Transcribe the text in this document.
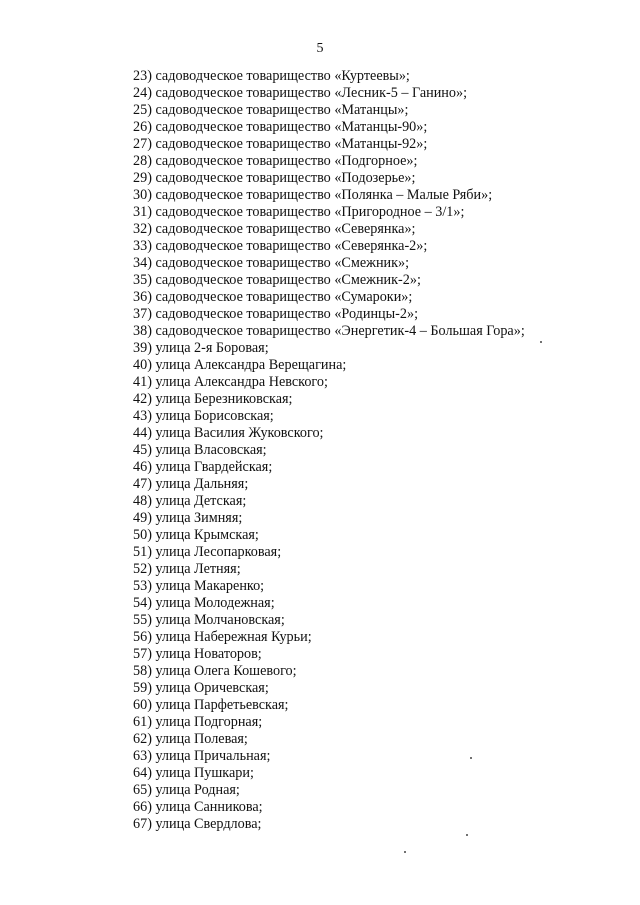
5
23) садоводческое товарищество «Куртеевы»;
24) садоводческое товарищество «Лесник-5 – Ганино»;
25) садоводческое товарищество «Матанцы»;
26) садоводческое товарищество «Матанцы-90»;
27) садоводческое товарищество «Матанцы-92»;
28) садоводческое товарищество «Подгорное»;
29) садоводческое товарищество «Подозерье»;
30) садоводческое товарищество «Полянка – Малые Ряби»;
31) садоводческое товарищество «Пригородное – 3/1»;
32) садоводческое товарищество «Северянка»;
33) садоводческое товарищество «Северянка-2»;
34) садоводческое товарищество «Смежник»;
35) садоводческое товарищество «Смежник-2»;
36) садоводческое товарищество «Сумароки»;
37) садоводческое товарищество «Родинцы-2»;
38) садоводческое товарищество «Энергетик-4 – Большая Гора»;
39) улица 2-я Боровая;
40) улица Александра Верещагина;
41) улица Александра Невского;
42) улица Березниковская;
43) улица Борисовская;
44) улица Василия Жуковского;
45) улица Власовская;
46) улица Гвардейская;
47) улица Дальняя;
48) улица Детская;
49) улица Зимняя;
50) улица Крымская;
51) улица Лесопарковая;
52) улица Летняя;
53) улица Макаренко;
54) улица Молодежная;
55) улица Молчановская;
56) улица Набережная Курьи;
57) улица Новаторов;
58) улица Олега Кошевого;
59) улица Оричевская;
60) улица Парфетьевская;
61) улица Подгорная;
62) улица Полевая;
63) улица Причальная;
64) улица Пушкари;
65) улица Родная;
66) улица Санникова;
67) улица Свердлова;
